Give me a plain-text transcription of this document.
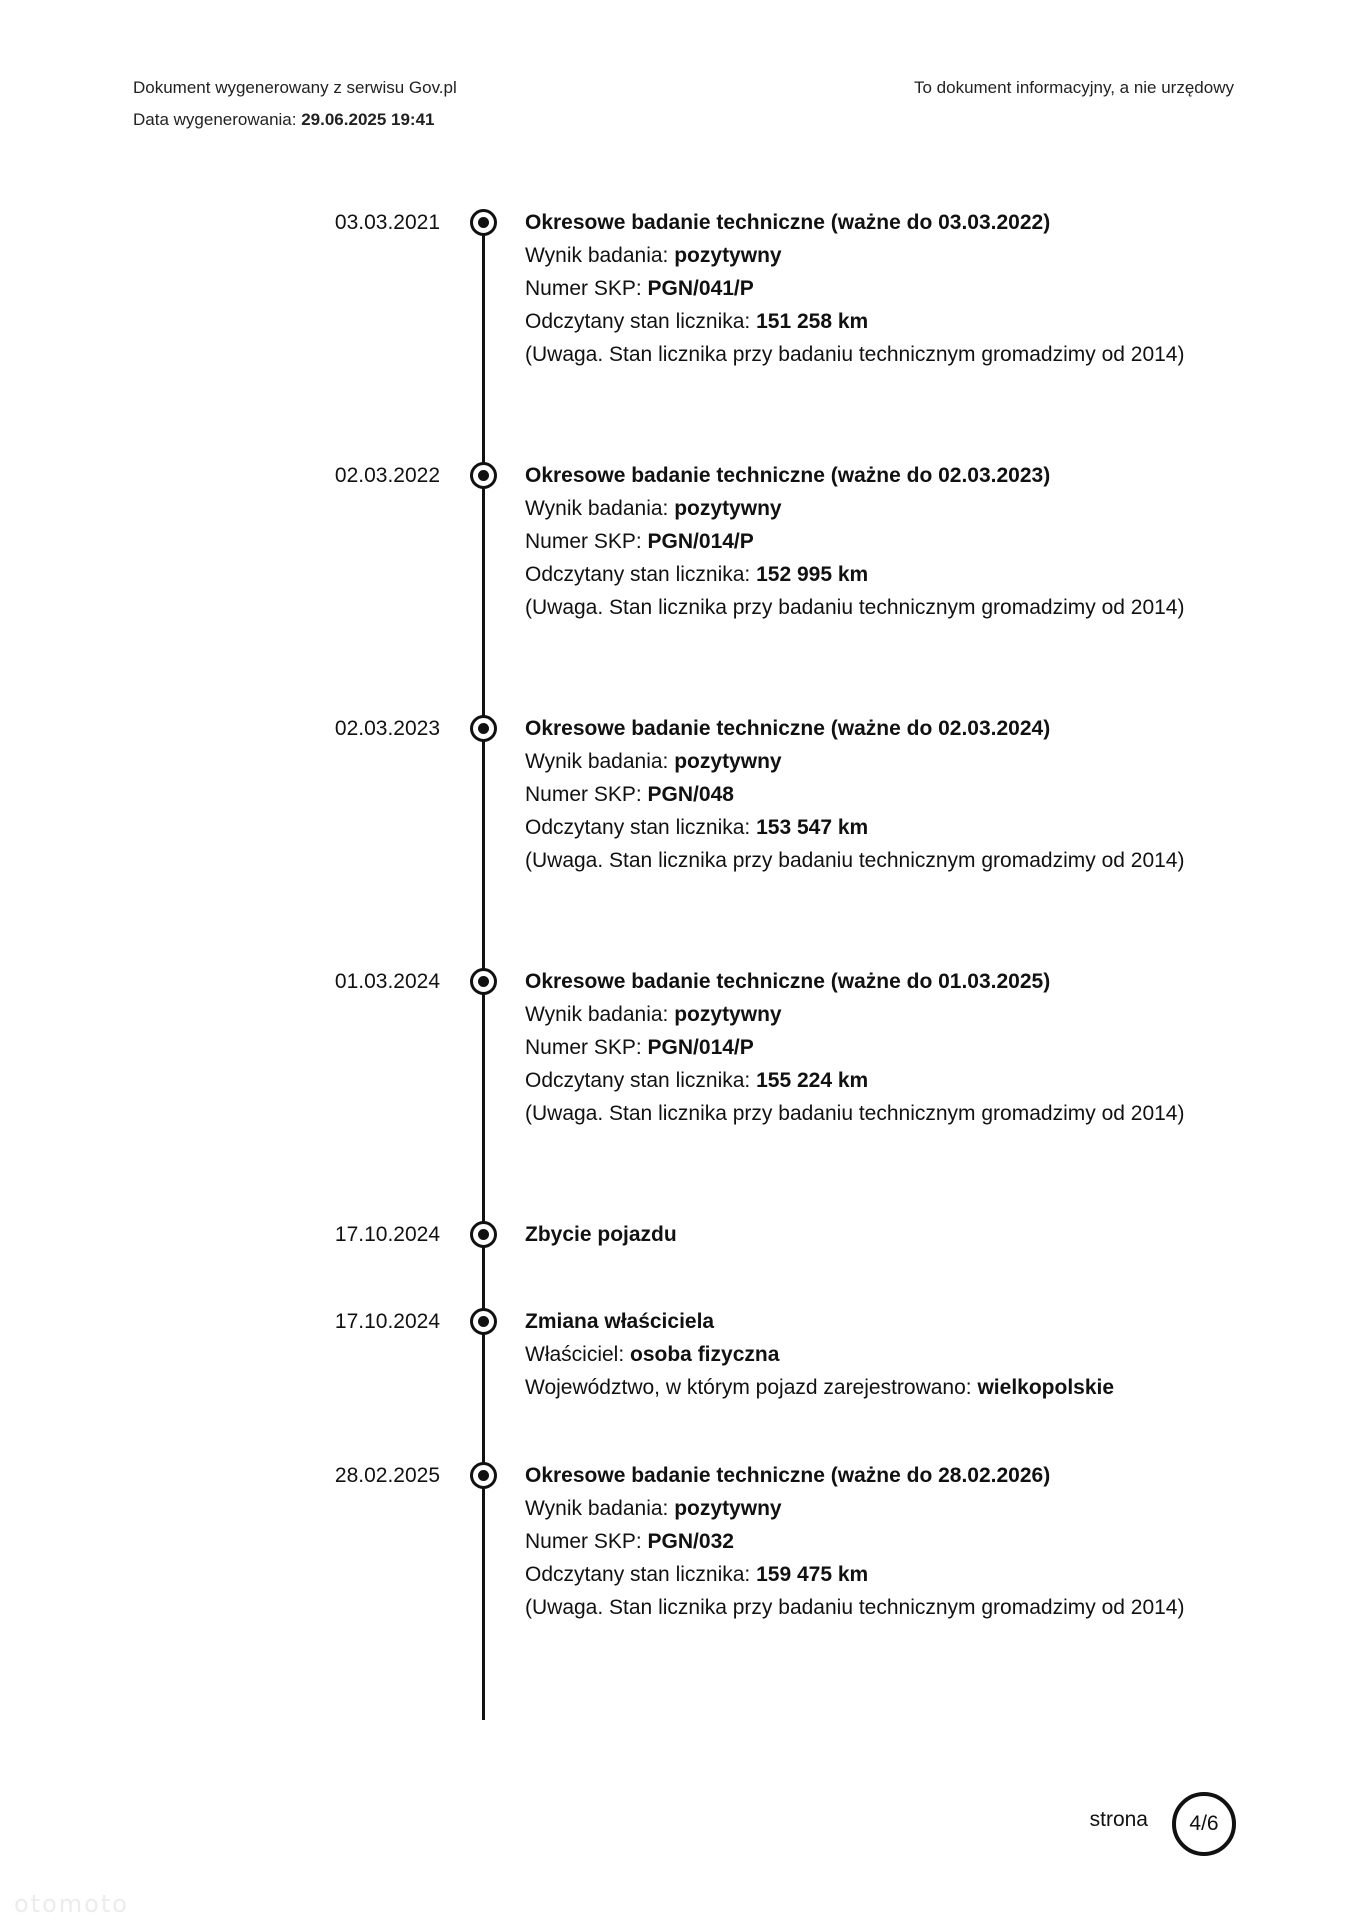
Dokument wygenerowany z serwisu Gov.pl
Data wygenerowania: 29.06.2025 19:41
To dokument informacyjny, a nie urzędowy
03.03.2021	Okresowe badanie techniczne (ważne do 03.03.2022)
Wynik badania: pozytywny
Numer SKP: PGN/041/P
Odczytany stan licznika: 151 258 km
(Uwaga. Stan licznika przy badaniu technicznym gromadzimy od 2014)
02.03.2022	Okresowe badanie techniczne (ważne do 02.03.2023)
Wynik badania: pozytywny
Numer SKP: PGN/014/P
Odczytany stan licznika: 152 995 km
(Uwaga. Stan licznika przy badaniu technicznym gromadzimy od 2014)
02.03.2023	Okresowe badanie techniczne (ważne do 02.03.2024)
Wynik badania: pozytywny
Numer SKP: PGN/048
Odczytany stan licznika: 153 547 km
(Uwaga. Stan licznika przy badaniu technicznym gromadzimy od 2014)
01.03.2024	Okresowe badanie techniczne (ważne do 01.03.2025)
Wynik badania: pozytywny
Numer SKP: PGN/014/P
Odczytany stan licznika: 155 224 km
(Uwaga. Stan licznika przy badaniu technicznym gromadzimy od 2014)
17.10.2024	Zbycie pojazdu
17.10.2024	Zmiana właściciela
Właściciel: osoba fizyczna
Województwo, w którym pojazd zarejestrowano: wielkopolskie
28.02.2025	Okresowe badanie techniczne (ważne do 28.02.2026)
Wynik badania: pozytywny
Numer SKP: PGN/032
Odczytany stan licznika: 159 475 km
(Uwaga. Stan licznika przy badaniu technicznym gromadzimy od 2014)
strona	4/6
otomoto
